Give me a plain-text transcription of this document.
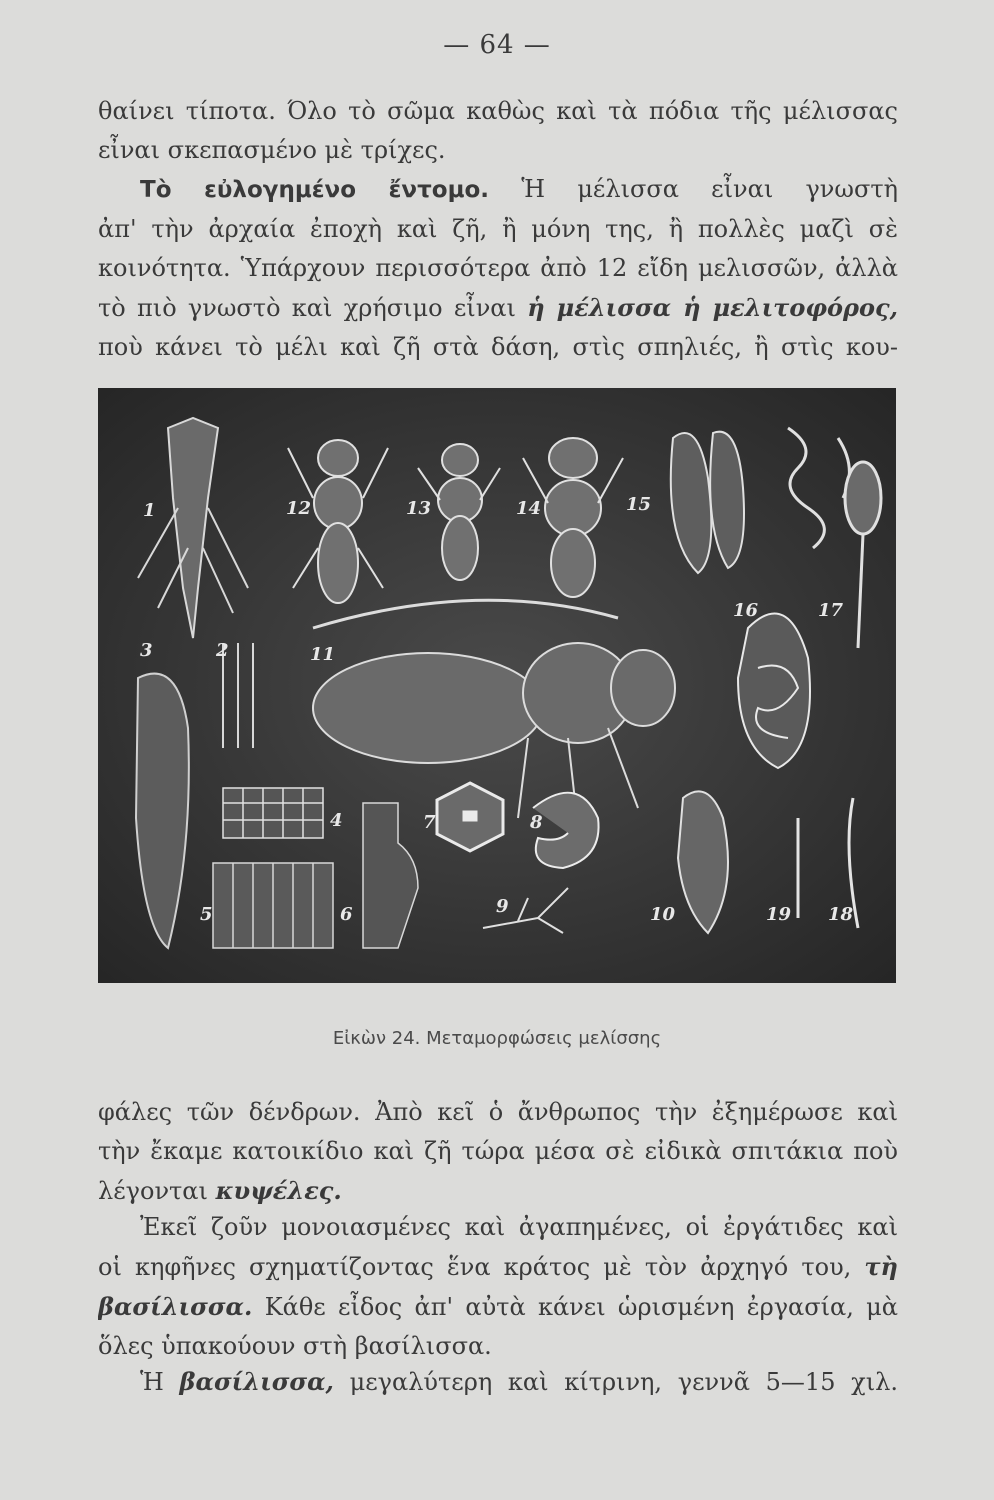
— 64 —
θαίνει τίποτα. Όλο τὸ σῶμα καθὼς καὶ τὰ πόδια τῆς μέλισσας
εἶναι σκεπασμένο μὲ τρίχες.
Τὸ εὐλογημένο ἔντομο. Ἡ μέλισσα εἶναι γνωστὴ
ἀπ' τὴν ἀρχαία ἐποχὴ καὶ ζῆ, ἢ μόνη της, ἢ πολλὲς μαζὶ σὲ
κοινότητα. Ὑπάρχουν περισσότερα ἀπὸ 12 εἴδη μελισσῶν, ἀλλὰ
τὸ πιὸ γνωστὸ καὶ χρήσιμο εἶναι ἡ μέλισσα ἡ μελιτοφόρος,
ποὺ κάνει τὸ μέλι καὶ ζῆ στὰ δάση, στὶς σπηλιές, ἢ στὶς κου-
1	12	13	14	15
16	17
3	2	11
4	7	8
5	6	9	10	19 18
Εἰκὼν 24. Μεταμορφώσεις μελίσσης
φάλες τῶν δένδρων. Ἀπὸ κεῖ ὁ ἄνθρωπος τὴν ἐξημέρωσε καὶ
τὴν ἔκαμε κατοικίδιο καὶ ζῆ τώρα μέσα σὲ εἰδικὰ σπιτάκια ποὺ
λέγονται κυψέλες.
Ἐκεῖ ζοῦν μονοιασμένες καὶ ἀγαπημένες, οἱ ἐργάτιδες καὶ
οἱ κηφῆνες σχηματίζοντας ἕνα κράτος μὲ τὸν ἀρχηγό του, τὴ
βασίλισσα. Κάθε εἶδος ἀπ' αὐτὰ κάνει ὡρισμένη ἐργασία, μὰ
ὅλες ὑπακούουν στὴ βασίλισσα.
Ἡ βασίλισσα, μεγαλύτερη καὶ κίτρινη, γεννᾶ 5—15 χιλ.
